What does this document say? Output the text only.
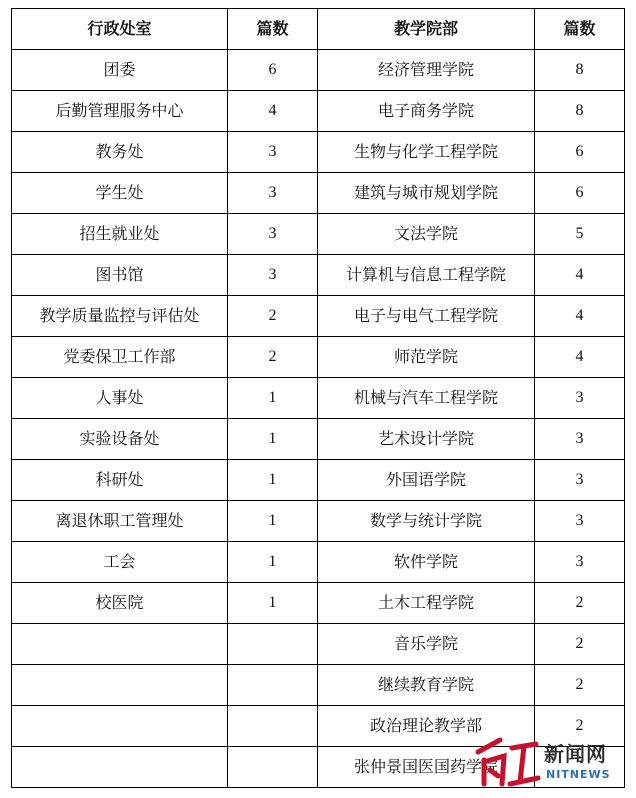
行政处室	篇数	教学院部	篇数
团委	6	经济管理学院	8
后勤管理服务中心	4	电子商务学院	8
教务处	3	生物与化学工程学院	6
学生处	3	建筑与城市规划学院	6
招生就业处	3	文法学院	5
图书馆	3	计算机与信息工程学院	4
教学质量监控与评估处	2	电子与电气工程学院	4
党委保卫工作部	2	师范学院	4
人事处	1	机械与汽车工程学院	3
实验设备处	1	艺术设计学院	3
科研处	1	外国语学院	3
离退休职工管理处	1	数学与统计学院	3
工会	1	软件学院	3
校医院	1	土木工程学院	2
		音乐学院	2
		继续教育学院	2
		政治理论教学部	2
		张仲景国医国药学院	
新闻网
NITNEWS
